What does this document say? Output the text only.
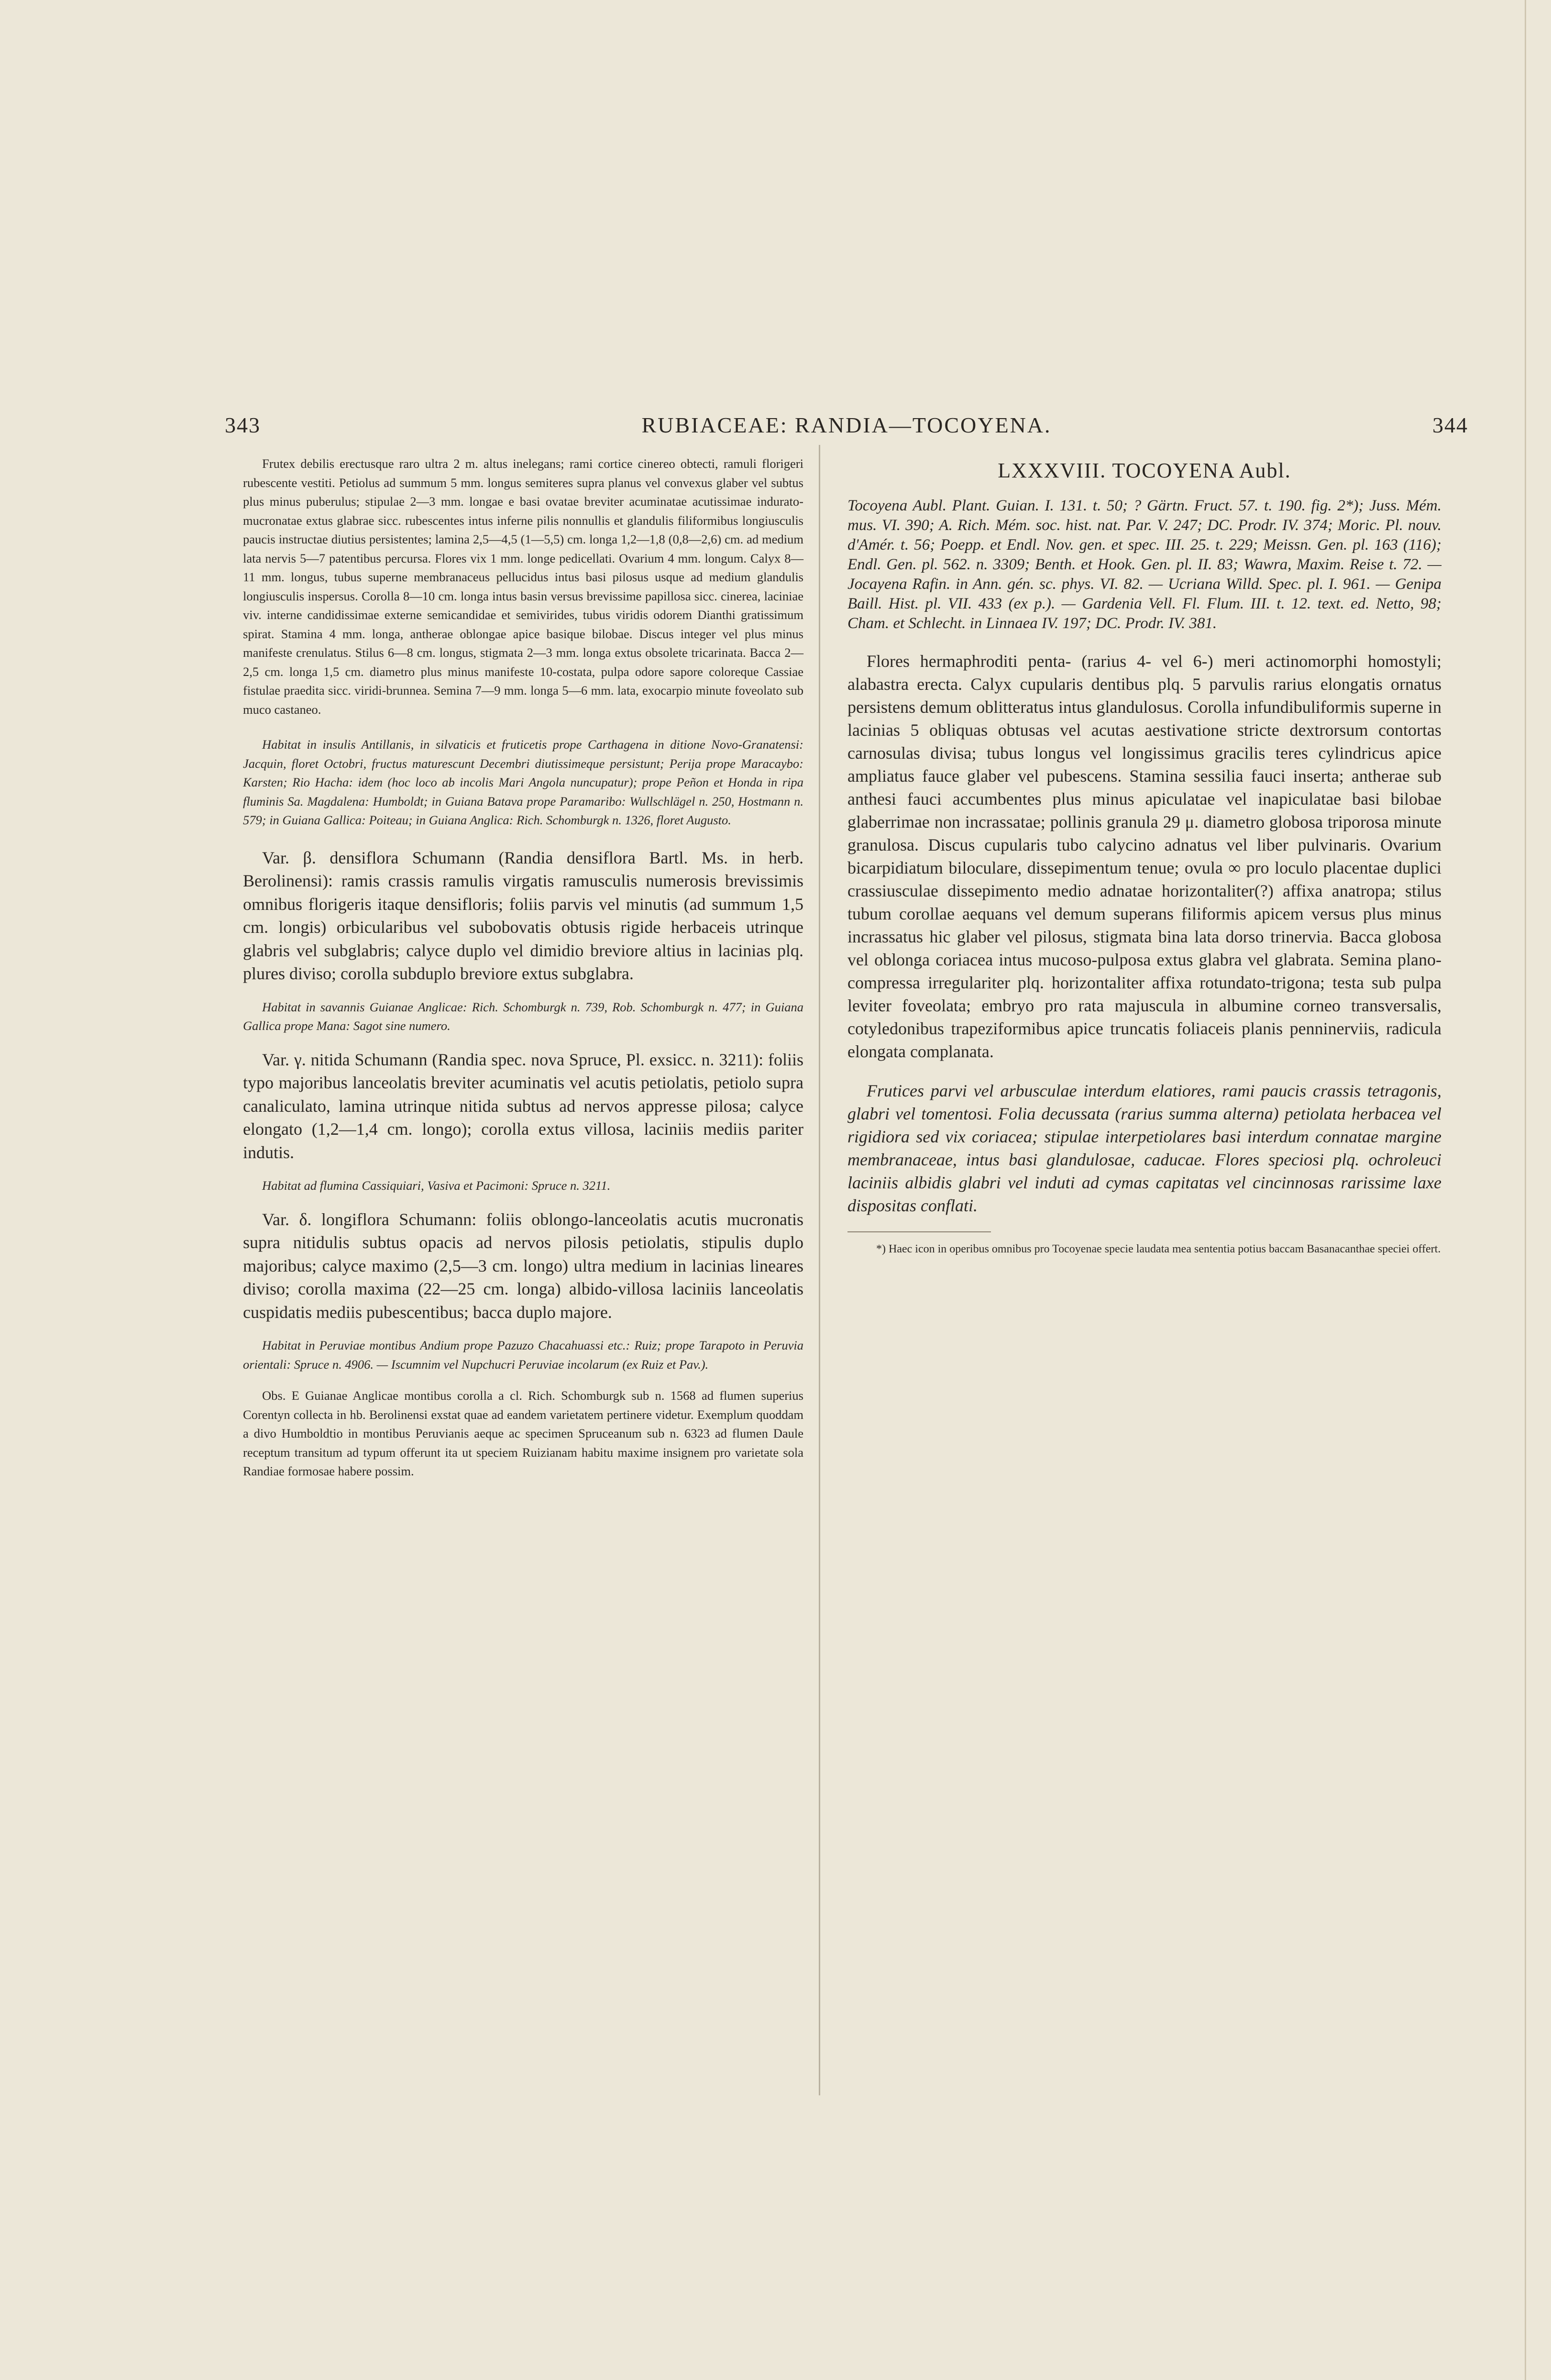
343	RUBIACEAE: RANDIA—TOCOYENA.	344

Frutex debilis erectusque raro ultra 2 m. altus inelegans; rami cortice cinereo obtecti, ramuli florigeri rubescente vestiti. Petiolus ad summum 5 mm. longus semiteres supra planus vel convexus glaber vel subtus plus minus puberulus; stipulae 2—3 mm. longae e basi ovatae breviter acuminatae acutissimae indurato-mucronatae extus glabrae sicc. rubescentes intus inferne pilis nonnullis et glandulis filiformibus longiusculis paucis instructae diutius persistentes; lamina 2,5—4,5 (1—5,5) cm. longa 1,2—1,8 (0,8—2,6) cm. ad medium lata nervis 5—7 patentibus percursa. Flores vix 1 mm. longe pedicellati. Ovarium 4 mm. longum. Calyx 8—11 mm. longus, tubus superne membranaceus pellucidus intus basi pilosus usque ad medium glandulis longiusculis inspersus. Corolla 8—10 cm. longa intus basin versus brevissime papillosa sicc. cinerea, laciniae viv. interne candidissimae externe semicandidae et semivirides, tubus viridis odorem Dianthi gratissimum spirat. Stamina 4 mm. longa, antherae oblongae apice basique bilobae. Discus integer vel plus minus manifeste crenulatus. Stilus 6—8 cm. longus, stigmata 2—3 mm. longa extus obsolete tricarinata. Bacca 2—2,5 cm. longa 1,5 cm. diametro plus minus manifeste 10-costata, pulpa odore sapore coloreque Cassiae fistulae praedita sicc. viridi-brunnea. Semina 7—9 mm. longa 5—6 mm. lata, exocarpio minute foveolato sub muco castaneo.

Habitat in insulis Antillanis, in silvaticis et fruticetis prope Carthagena in ditione Novo-Granatensi: Jacquin, floret Octobri, fructus maturescunt Decembri diutissimeque persistunt; Perija prope Maracaybo: Karsten; Rio Hacha: idem (hoc loco ab incolis Mari Angola nuncupatur); prope Peñon et Honda in ripa fluminis Sa. Magdalena: Humboldt; in Guiana Batava prope Paramaribo: Wullschlägel n. 250, Hostmann n. 579; in Guiana Gallica: Poiteau; in Guiana Anglica: Rich. Schomburgk n. 1326, floret Augusto.

Var. β. densiflora Schumann (Randia densiflora Bartl. Ms. in herb. Berolinensi): ramis crassis ramulis virgatis ramusculis numerosis brevissimis omnibus florigeris itaque densifloris; foliis parvis vel minutis (ad summum 1,5 cm. longis) orbicularibus vel subobovatis obtusis rigide herbaceis utrinque glabris vel subglabris; calyce duplo vel dimidio breviore altius in lacinias plq. plures diviso; corolla subduplo breviore extus subglabra.

Habitat in savannis Guianae Anglicae: Rich. Schomburgk n. 739, Rob. Schomburgk n. 477; in Guiana Gallica prope Mana: Sagot sine numero.

Var. γ. nitida Schumann (Randia spec. nova Spruce, Pl. exsicc. n. 3211): foliis typo majoribus lanceolatis breviter acuminatis vel acutis petiolatis, petiolo supra canaliculato, lamina utrinque nitida subtus ad nervos appresse pilosa; calyce elongato (1,2—1,4 cm. longo); corolla extus villosa, laciniis mediis pariter indutis.

Habitat ad flumina Cassiquiari, Vasiva et Pacimoni: Spruce n. 3211.

Var. δ. longiflora Schumann: foliis oblongo-lanceolatis acutis mucronatis supra nitidulis subtus opacis ad nervos pilosis petiolatis, stipulis duplo majoribus; calyce maximo (2,5—3 cm. longo) ultra medium in lacinias lineares diviso; corolla maxima (22—25 cm. longa) albido-villosa laciniis lanceolatis cuspidatis mediis pubescentibus; bacca duplo majore.

Habitat in Peruviae montibus Andium prope Pazuzo Chacahuassi etc.: Ruiz; prope Tarapoto in Peruvia orientali: Spruce n. 4906. — Iscumnim vel Nupchucri Peruviae incolarum (ex Ruiz et Pav.).

Obs. E Guianae Anglicae montibus corolla a cl. Rich. Schomburgk sub n. 1568 ad flumen superius Corentyn collecta in hb. Berolinensi exstat quae ad eandem varietatem pertinere videtur. Exemplum quoddam a divo Humboldtio in montibus Peruvianis aeque ac specimen Spruceanum sub n. 6323 ad flumen Daule receptum transitum ad typum offerunt ita ut speciem Ruizianam habitu maxime insignem pro varietate sola Randiae formosae habere possim.

LXXXVIII. TOCOYENA Aubl.

Tocoyena Aubl. Plant. Guian. I. 131. t. 50; ? Gärtn. Fruct. 57. t. 190. fig. 2*); Juss. Mém. mus. VI. 390; A. Rich. Mém. soc. hist. nat. Par. V. 247; DC. Prodr. IV. 374; Moric. Pl. nouv. d'Amér. t. 56; Poepp. et Endl. Nov. gen. et spec. III. 25. t. 229; Meissn. Gen. pl. 163 (116); Endl. Gen. pl. 562. n. 3309; Benth. et Hook. Gen. pl. II. 83; Wawra, Maxim. Reise t. 72. — Jocayena Rafin. in Ann. gén. sc. phys. VI. 82. — Ucriana Willd. Spec. pl. I. 961. — Genipa Baill. Hist. pl. VII. 433 (ex p.). — Gardenia Vell. Fl. Flum. III. t. 12. text. ed. Netto, 98; Cham. et Schlecht. in Linnaea IV. 197; DC. Prodr. IV. 381.

Flores hermaphroditi penta- (rarius 4- vel 6-) meri actinomorphi homostyli; alabastra erecta. Calyx cupularis dentibus plq. 5 parvulis rarius elongatis ornatus persistens demum oblitteratus intus glandulosus. Corolla infundibuliformis superne in lacinias 5 obliquas obtusas vel acutas aestivatione stricte dextrorsum contortas carnosulas divisa; tubus longus vel longissimus gracilis teres cylindricus apice ampliatus fauce glaber vel pubescens. Stamina sessilia fauci inserta; antherae sub anthesi fauci accumbentes plus minus apiculatae vel inapiculatae basi bilobae glaberrimae non incrassatae; pollinis granula 29 μ. diametro globosa triporosa minute granulosa. Discus cupularis tubo calycino adnatus vel liber pulvinaris. Ovarium bicarpidiatum biloculare, dissepimentum tenue; ovula ∞ pro loculo placentae duplici crassiusculae dissepimento medio adnatae horizontaliter(?) affixa anatropa; stilus tubum corollae aequans vel demum superans filiformis apicem versus plus minus incrassatus hic glaber vel pilosus, stigmata bina lata dorso trinervia. Bacca globosa vel oblonga coriacea intus mucoso-pulposa extus glabra vel glabrata. Semina plano-compressa irregulariter plq. horizontaliter affixa rotundato-trigona; testa sub pulpa leviter foveolata; embryo pro rata majuscula in albumine corneo transversalis, cotyledonibus trapeziformibus apice truncatis foliaceis planis penninerviis, radicula elongata complanata.

Frutices parvi vel arbusculae interdum elatiores, rami paucis crassis tetragonis, glabri vel tomentosi. Folia decussata (rarius summa alterna) petiolata herbacea vel rigidiora sed vix coriacea; stipulae interpetiolares basi interdum connatae margine membranaceae, intus basi glandulosae, caducae. Flores speciosi plq. ochroleuci laciniis albidis glabri vel induti ad cymas capitatas vel cincinnosas rarissime laxe dispositas conflati.

*) Haec icon in operibus omnibus pro Tocoyenae specie laudata mea sententia potius baccam Basanacanthae speciei offert.
